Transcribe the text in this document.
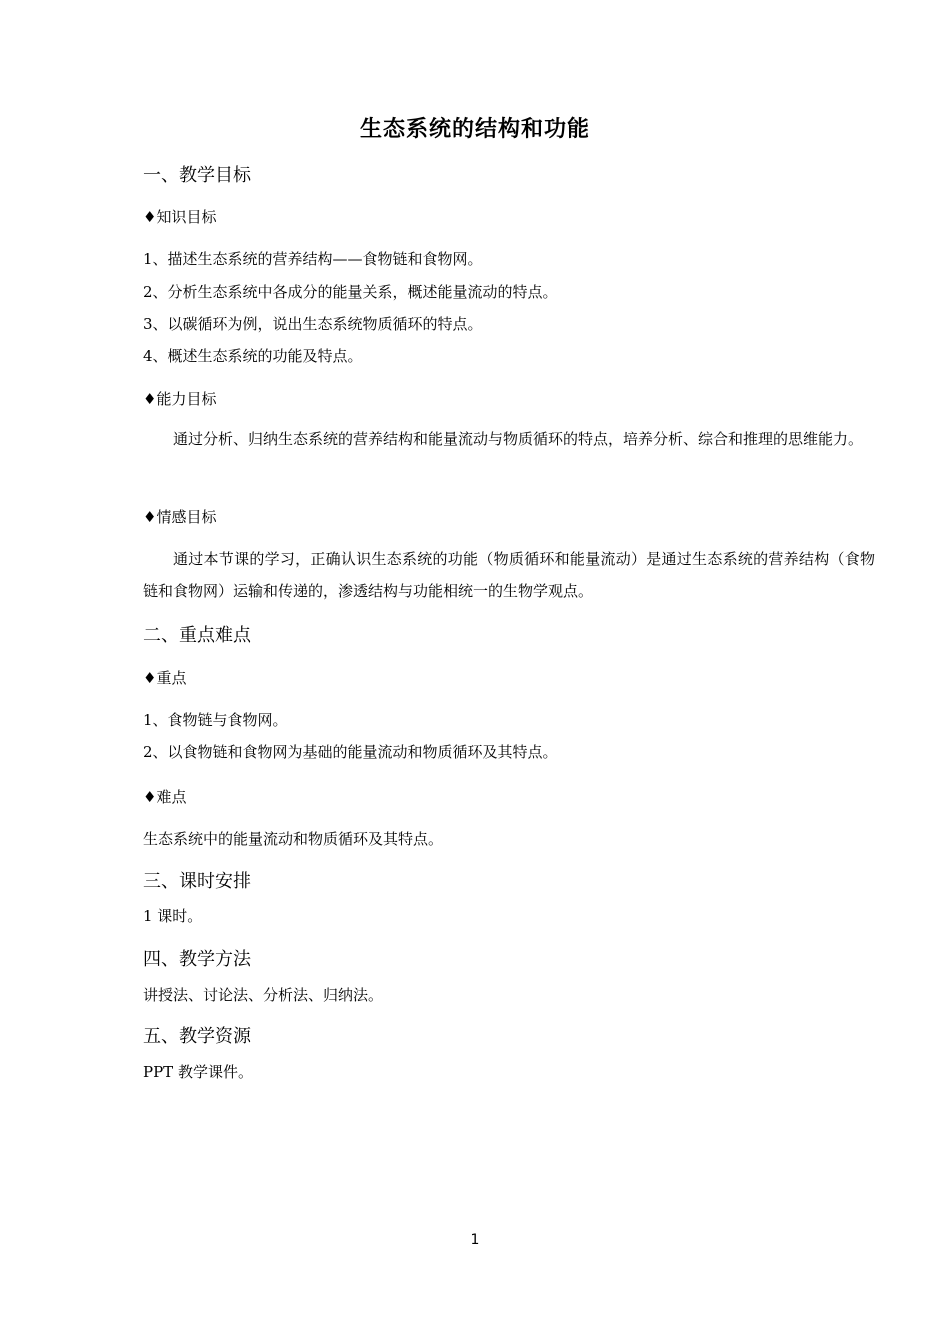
生态系统的结构和功能
一、教学目标
♦知识目标
1、描述生态系统的营养结构——食物链和食物网。
2、分析生态系统中各成分的能量关系，概述能量流动的特点。
3、以碳循环为例，说出生态系统物质循环的特点。
4、概述生态系统的功能及特点。
♦能力目标
通过分析、归纳生态系统的营养结构和能量流动与物质循环的特点，培养分析、综合和推理的思维能力。
♦情感目标
通过本节课的学习，正确认识生态系统的功能（物质循环和能量流动）是通过生态系统的营养结构（食物链和食物网）运输和传递的，渗透结构与功能相统一的生物学观点。
二、重点难点
♦重点
1、食物链与食物网。
2、以食物链和食物网为基础的能量流动和物质循环及其特点。
♦难点
生态系统中的能量流动和物质循环及其特点。
三、课时安排
1 课时。
四、教学方法
讲授法、讨论法、分析法、归纳法。
五、教学资源
PPT 教学课件。
1
